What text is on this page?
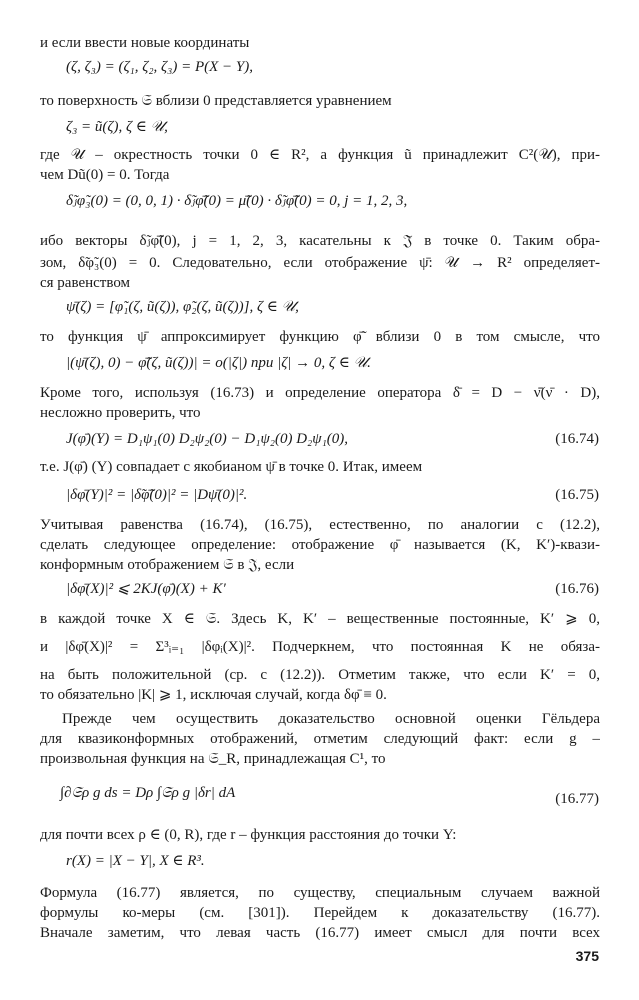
и если ввести новые координаты
(ζ, ζ₃) = (ζ₁, ζ₂, ζ₃) = P(X − Y),
то поверхность 𝔖 вблизи 0 представляется уравнением
ζ₃ = ũ(ζ), ζ ∈ 𝒰,
где 𝒰 – окрестность точки 0 ∈ R², а функция ũ принадлежит C²(𝒰), при-
чем Dũ(0) = 0. Тогда
δ̃ⱼφ̃₃(0) = (0, 0, 1) · δ̃ⱼφ̄̃(0) = μ̄̃(0) · δ̃ⱼφ̄̃(0) = 0, j = 1, 2, 3,
ибо векторы δ̃ⱼφ̄̃(0), j = 1, 2, 3, касательны к 𝔍̃ в точке 0. Таким обра-
зом, δ̃φ̃₃(0) = 0. Следовательно, если отображение ψ̄: 𝒰 → R² определяет-
ся равенством
ψ̄(ζ) = [φ̃₁(ζ, ũ(ζ)), φ̃₂(ζ, ũ(ζ))], ζ ∈ 𝒰,
то функция ψ̄ аппроксимирует функцию φ̄̃ вблизи 0 в том смысле, что
|(ψ̄(ζ), 0) − φ̄̃(ζ, ũ(ζ))| = o(|ζ|) при |ζ| → 0, ζ ∈ 𝒰.
Кроме того, используя (16.73) и определение оператора δ̄ = D − ν̄̄(ν̄ · D),
несложно проверить, что
J(φ̄)(Y) = D₁ψ₁(0) D₂ψ₂(0) − D₁ψ₂(0) D₂ψ₁(0),	(16.74)
т.е. J(φ̄) (Y) совпадает с якобианом ψ̄ в точке 0. Итак, имеем
|δφ̄(Y)|² = |δ̃φ̄̃(0)|² = |Dψ̄(0)|².	(16.75)
Учитывая равенства (16.74), (16.75), естественно, по аналогии с (12.2),
сделать следующее определение: отображение φ̄ называется (K, K′)-квази-
конформным отображением 𝔖 в 𝔍, если
|δφ̄(X)|² ⩽ 2KJ(φ̄)(X) + K′	(16.76)
в каждой точке X ∈ 𝔖. Здесь K, K′ – вещественные постоянные, K′ ⩾ 0,
и |δφ̄(X)|² = Σ³ᵢ₌₁ |δφᵢ(X)|². Подчеркнем, что постоянная K не обяза-
на быть положительной (ср. с (12.2)). Отметим также, что если K′ = 0,
то обязательно |K| ⩾ 1, исключая случай, когда δφ̄ ≡ 0.
Прежде чем осуществить доказательство основной оценки Гёльдера
для квазиконформных отображений, отметим следующий факт: если g –
произвольная функция на 𝔖_R, принадлежащая C¹, то
∫∂𝔖ρ g ds = Dρ ∫𝔖ρ g |δr| dA	(16.77)
для почти всех ρ ∈ (0, R), где r – функция расстояния до точки Y:
r(X) = |X − Y|, X ∈ R³.
Формула (16.77) является, по существу, специальным случаем важной
формулы ко-меры (см. [301]). Перейдем к доказательству (16.77).
Вначале заметим, что левая часть (16.77) имеет смысл для почти всех
375
